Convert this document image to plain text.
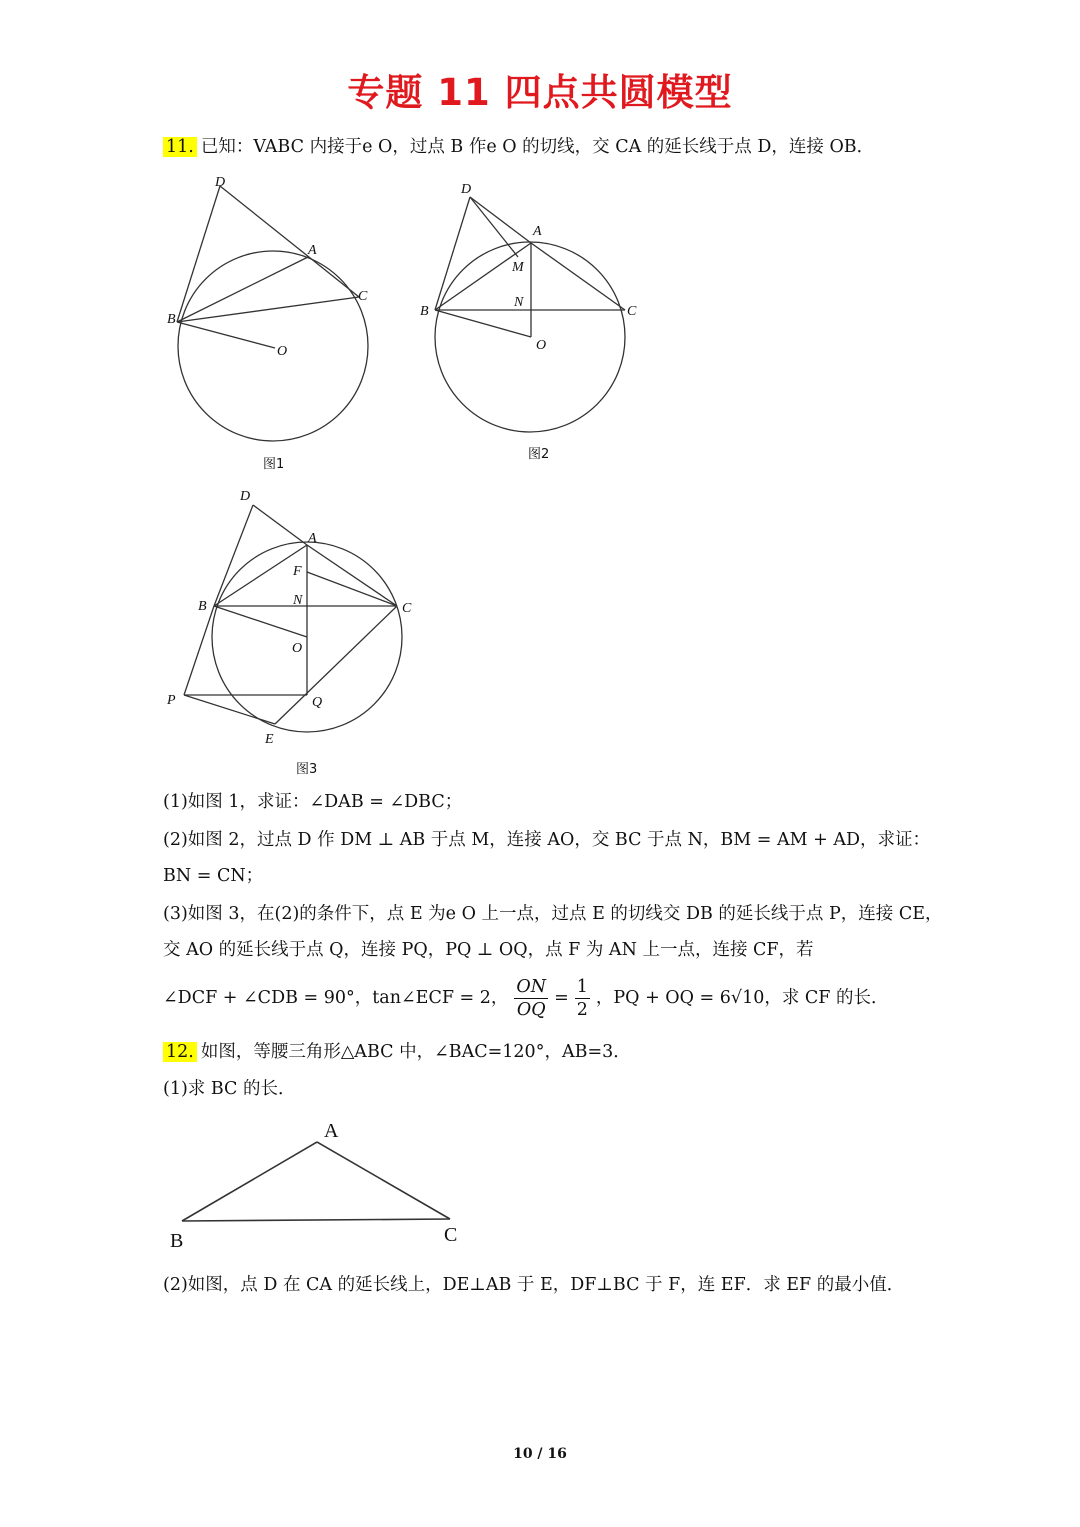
专题 11 四点共圆模型
11. 已知：VABC 内接于e O，过点 B 作e O 的切线，交 CA 的延长线于点 D，连接 OB．
D
A
C
B
O
图1
D
A
M
N
B	C
O
图2
D
A
F
B	N
C
O
P	Q
E
图3
(1)如图 1，求证：∠DAB = ∠DBC；
(2)如图 2，过点 D 作 DM ⊥ AB 于点 M，连接 AO，交 BC 于点 N，BM = AM + AD，求证：
BN = CN；
(3)如图 3，在(2)的条件下，点 E 为e O 上一点，过点 E 的切线交 DB 的延长线于点 P，连接 CE，
交 AO 的延长线于点 Q，连接 PQ，PQ ⊥ OQ，点 F 为 AN 上一点，连接 CF，若
∠DCF + ∠CDB = 90°，tan∠ECF = 2， $\frac{ON}{OQ} = \frac{1}{2}$ ，PQ + OQ = 6√10，求 CF 的长．
12. 如图，等腰三角形△ABC 中，∠BAC=120°，AB=3．
(1)求 BC 的长．
A
B	C
(2)如图，点 D 在 CA 的延长线上，DE⊥AB 于 E，DF⊥BC 于 F，连 EF．求 EF 的最小值．
10 / 16
